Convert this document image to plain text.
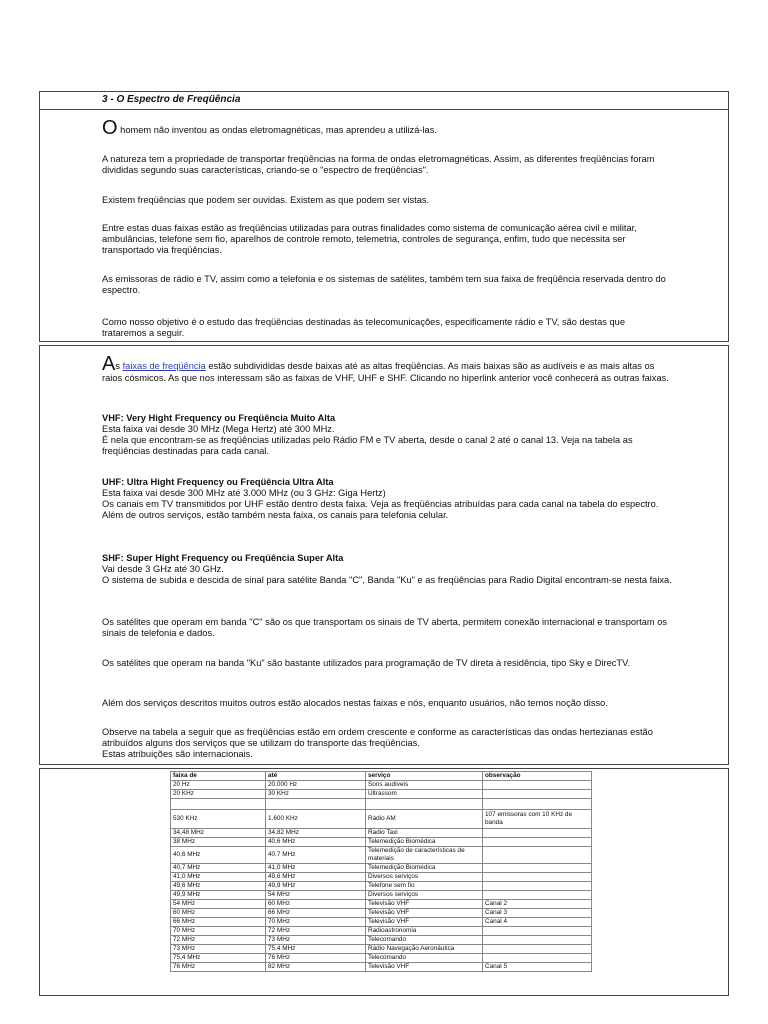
3 - O Espectro de Freqüência

O homem não inventou as ondas eletromagnéticas, mas aprendeu a utilizá-las.

A natureza tem a propriedade de transportar freqüências na forma de ondas eletromagnéticas. Assim, as diferentes freqüências foram divididas segundo suas características, criando-se o "espectro de freqüências".

Existem freqüências que podem ser ouvidas. Existem as que podem ser vistas.

Entre estas duas faixas estão as freqüências utilizadas para outras finalidades como sistema de comunicação aérea civil e militar, ambulâncias, telefone sem fio, aparelhos de controle remoto, telemetria, controles de segurança, enfim, tudo que necessita ser transportado via freqüências.

As emissoras de rádio e TV, assim como a telefonia e os sistemas de satélites, também tem sua faixa de freqüência reservada dentro do espectro.

Como nosso objetivo é o estudo das freqüências destinadas às telecomunicações, especificamente rádio e TV, são destas que trataremos a seguir.

As faixas de freqüência estão subdivididas desde baixas até as altas freqüências. As mais baixas são as audíveis e as mais altas os raios cósmicos. As que nos interessam são as faixas de VHF, UHF e SHF. Clicando no hiperlink anterior você conhecerá as outras faixas.

VHF: Very Hight Frequency ou Freqüência Muito Alta
Esta faixa vai desde 30 MHz (Mega Hertz) até 300 MHz.
É nela que encontram-se as freqüências utilizadas pelo Rádio FM e TV aberta, desde o canal 2 até o canal 13. Veja na tabela as freqüências destinadas para cada canal.

UHF: Ultra Hight Frequency ou Freqüência Ultra Alta
Esta faixa vai desde 300 MHz até 3.000 MHz (ou 3 GHz: Giga Hertz)
Os canais em TV transmitidos por UHF estão dentro desta faixa. Veja as freqüências atribuídas para cada canal na tabela do espectro.
Além de outros serviços, estão também nesta faixa, os canais para telefonia celular.

SHF: Super Hight Frequency ou Freqüência Super Alta
Vai desde 3 GHz até 30 GHz.
O sistema de subida e descida de sinal para satélite Banda "C", Banda "Ku" e as freqüências para Radio Digital encontram-se nesta faixa.

Os satélites que operam em banda "C" são os que transportam os sinais de TV aberta, permitem conexão internacional e transportam os sinais de telefonia e dados.

Os satélites que operam na banda "Ku" são bastante utilizados para programação de TV direta à residência, tipo Sky e DirecTV.

Além dos serviços descritos muitos outros estão alocados nestas faixas e nós, enquanto usuários, não temos noção disso.

Observe na tabela a seguir que as freqüências estão em ordem crescente e conforme as características das ondas hertezianas estão atribuídos alguns dos serviços que se utilizam do transporte das freqüências.
Estas atribuições são internacionais.

faixa de	até	serviço	observação
20 Hz	20.000 Hz	Sons audíveis	
20 KHz	30 KHz	Ultrassom	

530 KHz	1.600 KHz	Rádio AM	107 emissoras com 10 KHz de banda
34,48 MHz	34,82 MHz	Radio Taxi	
38 MHz	40,6 MHz	Telemedição Biomédica	
40,6 MHz	40.7 MHz	Telemedição de características de materiais	
40,7 MHz	41,0 MHz	Telemedição Biomédica	
41,0 MHz	49,6 MHz	Diversos serviços	
49,6 MHz	49,9 MHz	Telefone sem fio	
49,9 MHz	54 MHz	Diversos serviços	
54 MHz	60 MHz	Televisão VHF	Canal 2
60 MHz	66 MHz	Televisão VHF	Canal 3
66 MHz	70 MHz	Televisão VHF	Canal 4
70 MHz	72 MHz	Radioastronomia	
72 MHz	73 MHz	Telecomando	
73 MHz	75.4 MHz	Rádio Navegação Aeronáutica	
75,4 MHz	76 MHz	Telecomando	
76 MHz	82 MHz	Televisão VHF	Canal 5
